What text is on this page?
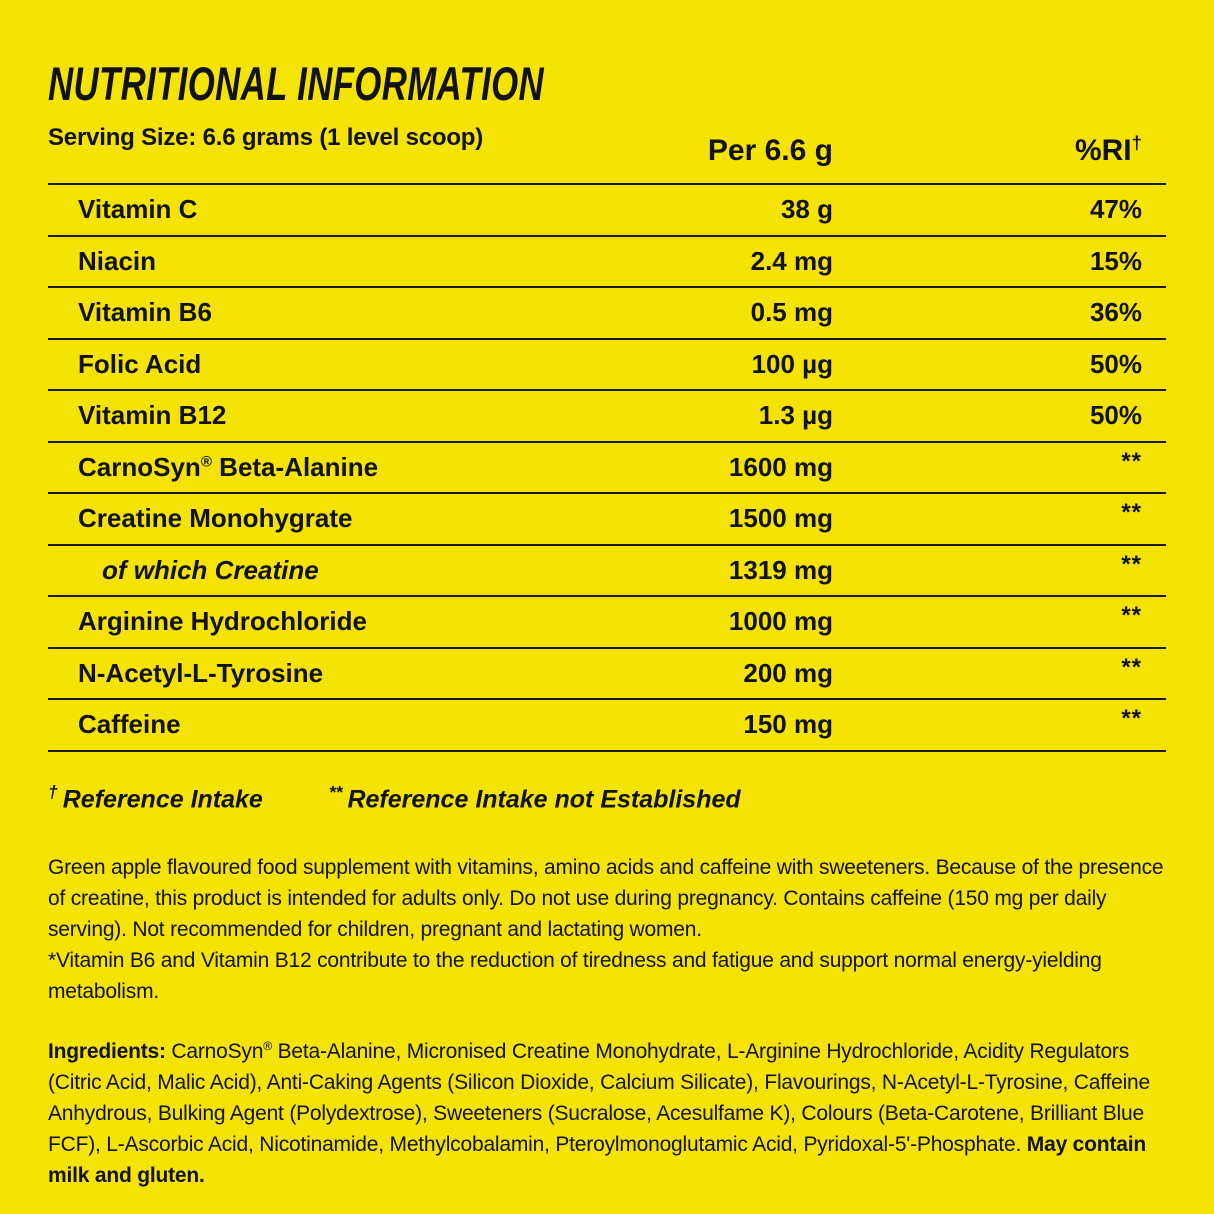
NUTRITIONAL INFORMATION
Serving Size: 6.6 grams (1 level scoop)	Per 6.6 g	%RI†
Vitamin C	38 g	47%
Niacin	2.4 mg	15%
Vitamin B6	0.5 mg	36%
Folic Acid	100 µg	50%
Vitamin B12	1.3 µg	50%
CarnoSyn® Beta-Alanine	1600 mg	**
Creatine Monohygrate	1500 mg	**
of which Creatine	1319 mg	**
Arginine Hydrochloride	1000 mg	**
N-Acetyl-L-Tyrosine	200 mg	**
Caffeine	150 mg	**
† Reference Intake	** Reference Intake not Established

Green apple flavoured food supplement with vitamins, amino acids and caffeine with sweeteners. Because of the presence of creatine, this product is intended for adults only. Do not use during pregnancy. Contains caffeine (150 mg per daily serving). Not recommended for children, pregnant and lactating women.
*Vitamin B6 and Vitamin B12 contribute to the reduction of tiredness and fatigue and support normal energy-yielding metabolism.

Ingredients: CarnoSyn® Beta-Alanine, Micronised Creatine Monohydrate, L-Arginine Hydrochloride, Acidity Regulators (Citric Acid, Malic Acid), Anti-Caking Agents (Silicon Dioxide, Calcium Silicate), Flavourings, N-Acetyl-L-Tyrosine, Caffeine Anhydrous, Bulking Agent (Polydextrose), Sweeteners (Sucralose, Acesulfame K), Colours (Beta-Carotene, Brilliant Blue FCF), L-Ascorbic Acid, Nicotinamide, Methylcobalamin, Pteroylmonoglutamic Acid, Pyridoxal-5'-Phosphate. May contain milk and gluten.
